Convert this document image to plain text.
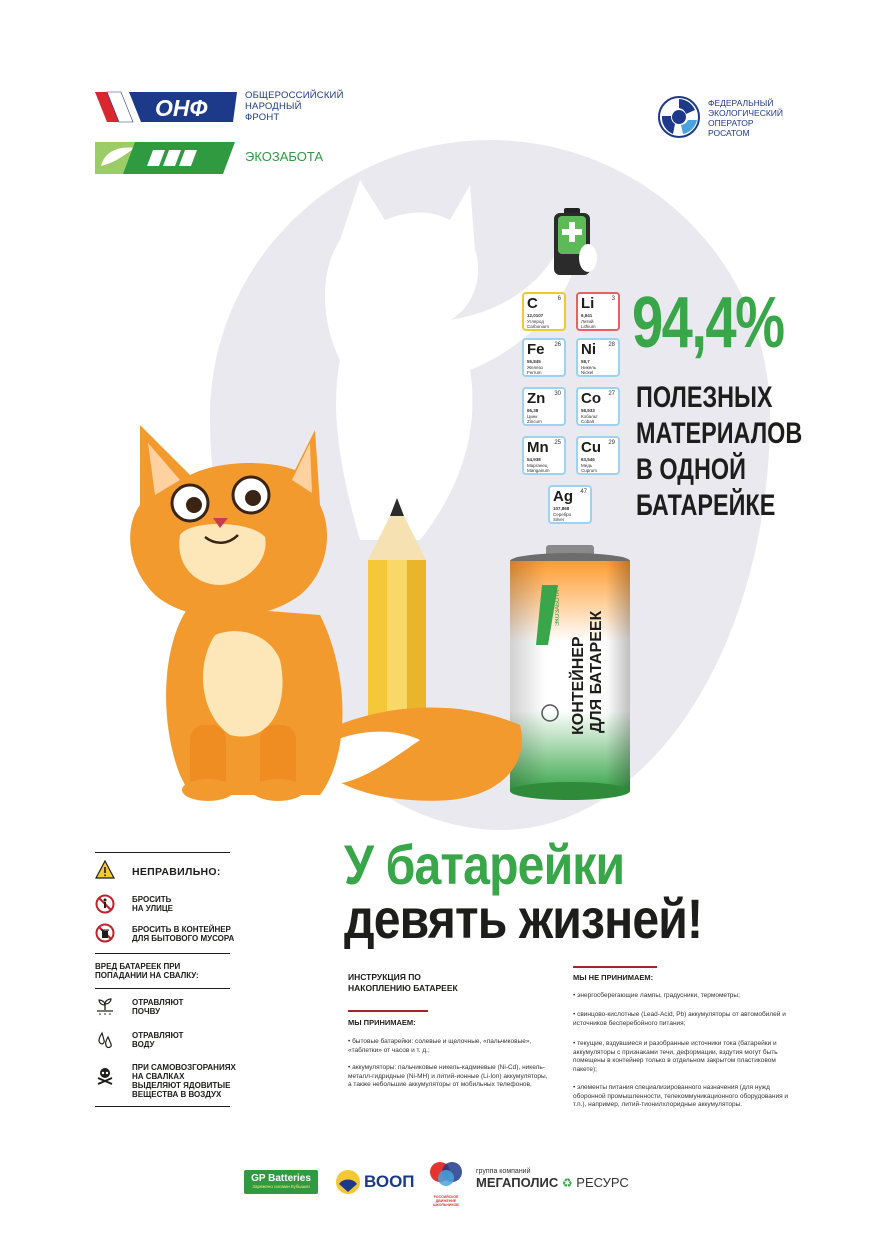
ОНФ	ОБЩЕРОССИЙСКИЙ
НАРОДНЫЙ
ФРОНТ
ЭКОЗАБОТА
ФЕДЕРАЛЬНЫЙ
ЭКОЛОГИЧЕСКИЙ
ОПЕРАТОР
РОСАТОМ
C	6
12,0107
Углерод
Carbonium
Li	3
6,941
Литий
Lithium
Fe 26
55,845
Железо
Ferrum
Ni 28
58,7
Никель
Nickel
Zn 30
65,38
Цинк
Zincum
Co 27
58,933
Кобальт
Cobalt
Mn 25
54,938
Марганец
Manganum
Cu 29
63,546
Медь
Cuprum
Ag 47
107,868
Серебро
Silver
94,4%
ПОЛЕЗНЫХ
МАТЕРИАЛОВ
В ОДНОЙ
БАТАРЕЙКЕ
КОНТЕЙНЕР ДЛЯ БАТАРЕЕК
ЭКОЗАБОТА
У батарейки
девять жизней!
НЕПРАВИЛЬНО:
БРОСИТЬ
НА УЛИЦЕ
БРОСИТЬ В КОНТЕЙНЕР
ДЛЯ БЫТОВОГО МУСОРА
ВРЕД БАТАРЕЕК ПРИ
ПОПАДАНИИ НА СВАЛКУ:
ОТРАВЛЯЮТ
ПОЧВУ
ОТРАВЛЯЮТ
ВОДУ
ПРИ САМОВОЗГОРАНИЯХ
НА СВАЛКАХ
ВЫДЕЛЯЮТ ЯДОВИТЫЕ
ВЕЩЕСТВА В ВОЗДУХ
ИНСТРУКЦИЯ ПО
НАКОПЛЕНИЮ БАТАРЕЕК
МЫ ПРИНИМАЕМ:
• бытовые батарейки: солевые и щелочные, «пальчиковые», «таблетки» от часов и т. д.;
• аккумуляторы: пальчиковые никель-кадмиевые (Ni-Cd), никель-металл-гидридные (Ni-MH) и литий-ионные (Li-Ion) аккумуляторы, а также небольшие аккумуляторы от мобильных телефонов.
МЫ НЕ ПРИНИМАЕМ:
• энергосберегающие лампы, градусники, термометры;
• свинцово-кислотные (Lead-Acid, Pb) аккумуляторы от автомобилей и источников бесперебойного питания;
• текущие, вздувшиеся и разобранные источники тока (батарейки и аккумуляторы с признаками течи, деформации, вздутия могут быть помещены в контейнер только в отдельном закрытом пластиковом пакете);
• элементы питания специализированного назначения (для нужд оборонной промышленности, телекоммуникационного оборудования и т.п.), например, литий-тионилхлоридные аккумуляторы.
GP Batteries
Заряжено силами Кубышки	ВООП
РОССИЙСКОЕ ДВИЖЕНИЕ ШКОЛЬНИКОВ
группа компаний
МЕГАПОЛИС ♻ РЕСУРС
